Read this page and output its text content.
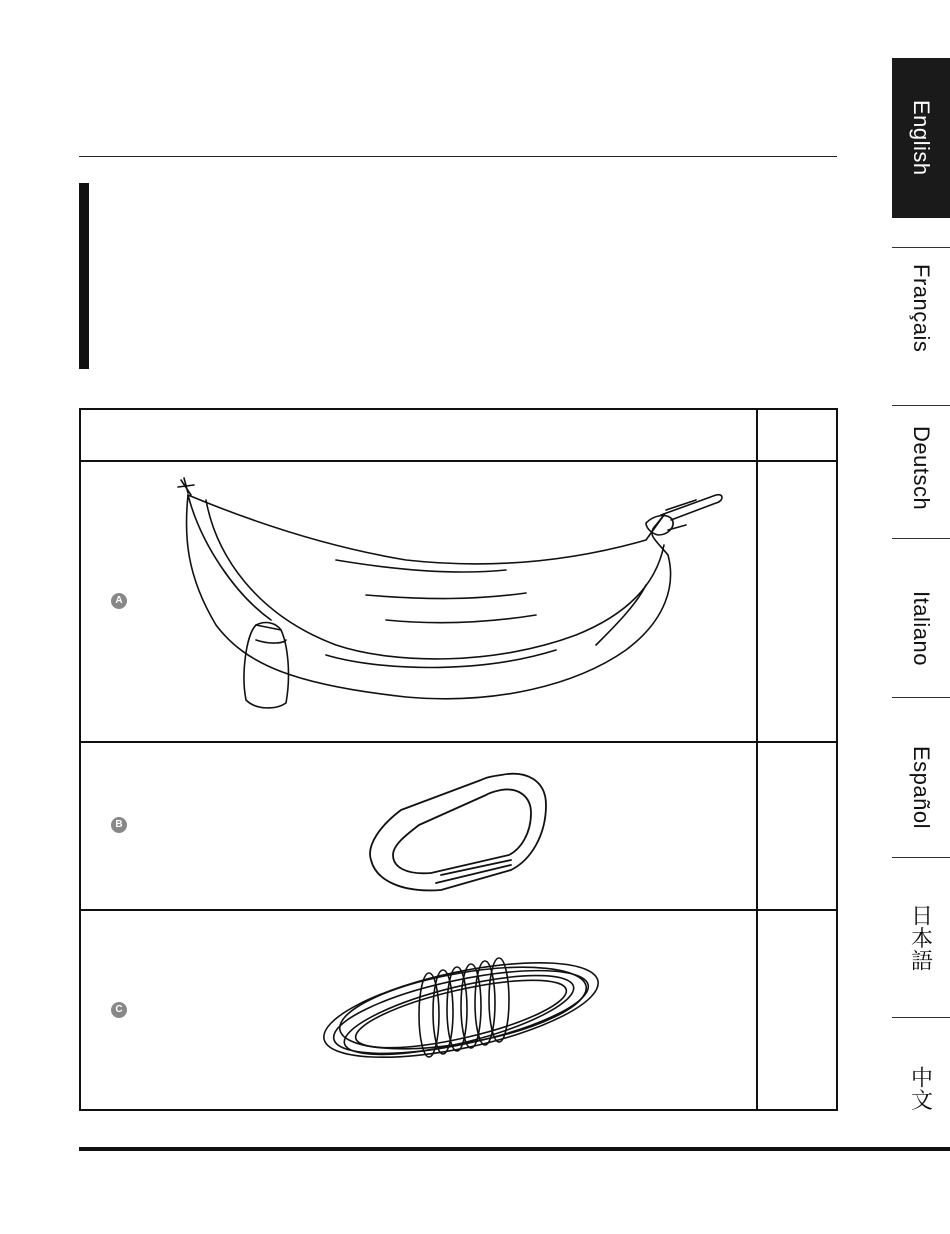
A
B
C
English
Français
Deutsch
Italiano
Español
日本語
中文
